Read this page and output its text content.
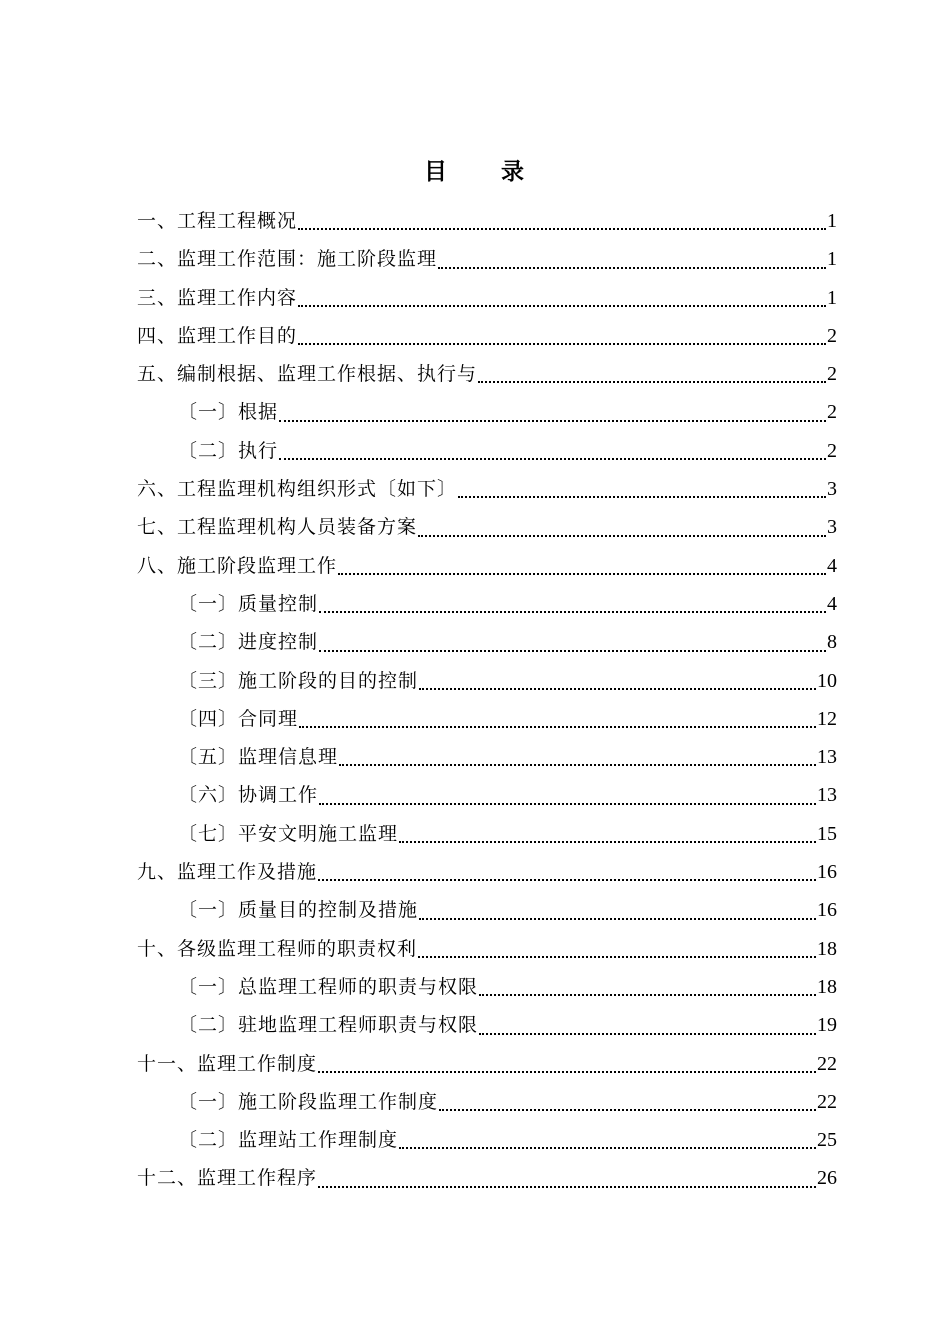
目 录
一、工程工程概况	1
二、监理工作范围：施工阶段监理	1
三、监理工作内容	1
四、监理工作目的	2
五、编制根据、监理工作根据、执行与	2
〔一〕根据	2
〔二〕执行	2
六、工程监理机构组织形式〔如下〕	3
七、工程监理机构人员装备方案	3
八、施工阶段监理工作	4
〔一〕质量控制	4
〔二〕进度控制	8
〔三〕施工阶段的目的控制	10
〔四〕合同理	12
〔五〕监理信息理	13
〔六〕协调工作	13
〔七〕平安文明施工监理	15
九、监理工作及措施	16
〔一〕质量目的控制及措施	16
十、各级监理工程师的职责权利	18
〔一〕总监理工程师的职责与权限	18
〔二〕驻地监理工程师职责与权限	19
十一、监理工作制度	22
〔一〕施工阶段监理工作制度	22
〔二〕监理站工作理制度	25
十二、监理工作程序	26
